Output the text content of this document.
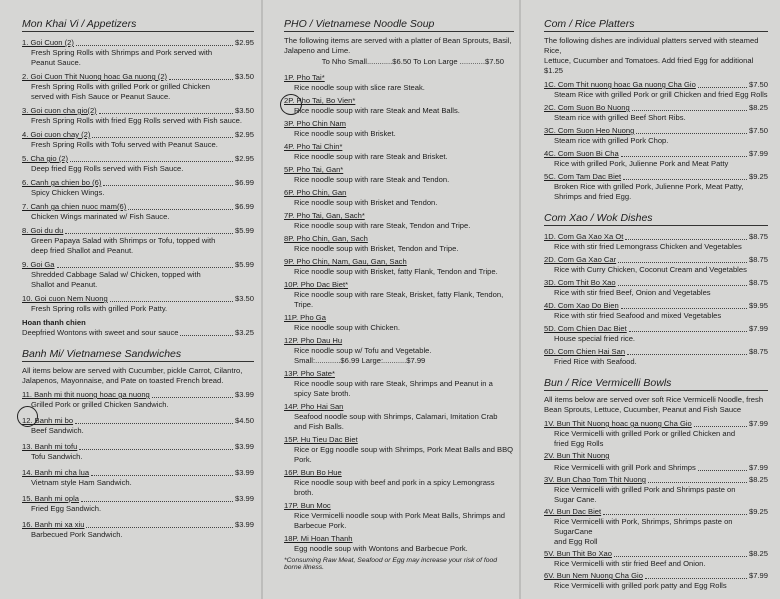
Mon Khai Vi / Appetizers
1. Goi Cuon (2)	$2.95
Fresh Spring Rolls with Shrimps and Pork served with
Peanut Sauce.
2. Goi Cuon Thit Nuong hoac Ga nuong (2)	$3.50
Fresh Spring Rolls with grilled Pork or grilled Chicken
served with Fish Sauce or Peanut Sauce.
3. Goi cuon cha gio(2)	$3.50
Fresh Spring Rolls with fried Egg Rolls served with Fish sauce.
4. Goi cuon chay (2)	$2.95
Fresh Spring Rolls with Tofu served with Peanut Sauce.
5. Cha gio (2)	$2.95
Deep fried Egg Rolls served with Fish Sauce.
6. Canh ga chien bo (6)	$6.99
Spicy Chicken Wings.
7. Canh ga chien nuoc mam(6)	$6.99
Chicken Wings marinated w/ Fish Sauce.
8. Goi du du	$5.99
Green Papaya Salad with Shrimps or Tofu, topped with
deep fried Shallot and Peanut.
9. Goi Ga	$5.99
Shredded Cabbage Salad w/ Chicken, topped with
Shallot and Peanut.
10. Goi cuon Nem Nuong	$3.50
Fresh Spring rolls with grilled Pork Patty.
Hoan thanh chien
Deepfried Wontons with sweet and sour sauce	$3.25
Banh Mi/ Vietnamese Sandwiches
All items below are served with Cucumber, pickle Carrot, Cilantro,
Jalapenos, Mayonnaise, and Pate on toasted French bread.
11. Banh mi thit nuong hoac ga nuong	$3.99
Grilled Pork or grilled Chicken Sandwich.
12. Banh mi bo	$4.50
Beef Sandwich.
13. Banh mi tofu	$3.99
Tofu Sandwich.
14. Banh mi cha lua	$3.99
Vietnam style Ham Sandwich.
15. Banh mi opla	$3.99
Fried Egg Sandwich.
16. Banh mi xa xiu	$3.99
Barbecued Pork Sandwich.
PHO / Vietnamese Noodle Soup
The following items are served with a platter of Bean Sprouts, Basil,
Jalapeno and Lime.
To Nho Small............$6.50 To Lon Large ............$7.50
1P. Pho Tai*
Rice noodle soup with slice rare Steak.
2P. Pho Tai, Bo Vien*
Rice noodle soup with rare Steak and Meat Balls.
3P. Pho Chin Nam
Rice noodle soup with Brisket.
4P. Pho Tai Chin*
Rice noodle soup with rare Steak and Brisket.
5P. Pho Tai, Gan*
Rice noodle soup with rare Steak and Tendon.
6P. Pho Chin, Gan
Rice noodle soup with Brisket and Tendon.
7P. Pho Tai, Gan, Sach*
Rice noodle soup with rare Steak, Tendon and Tripe.
8P. Pho Chin, Gan, Sach
Rice noodle soup with Brisket, Tendon and Tripe.
9P. Pho Chin, Nam, Gau, Gan, Sach
Rice noodle soup with Brisket, fatty Flank, Tendon and Tripe.
10P. Pho Dac Biet*
Rice noodle soup with rare Steak, Brisket, fatty Flank, Tendon, Tripe.
11P. Pho Ga
Rice noodle soup with Chicken.
12P. Pho Dau Hu
Rice noodle soup w/ Tofu and Vegetable.
Small:............$6.99 Large:...........$7.99
13P. Pho Sate*
Rice noodle soup with rare Steak, Shrimps and Peanut in a
spicy Sate broth.
14P. Pho Hai San
Seafood noodle soup with Shrimps, Calamari, Imitation Crab
and Fish Balls.
15P. Hu Tieu Dac Biet
Rice or Egg noodle soup with Shrimps, Pork Meat Balls and BBQ Pork.
16P. Bun Bo Hue
Rice noodle soup with beef and pork in a spicy Lemongrass broth.
17P. Bun Moc
Rice Vermicelli noodle soup with Pork Meat Balls, Shrimps and
Barbecue Pork.
18P. Mi Hoan Thanh
Egg noodle soup with Wontons and Barbecue Pork.
*Consuming Raw Meat, Seafood or Egg may increase your risk of food borne illness.
Com / Rice Platters
The following dishes are individual platters served with steamed Rice,
Lettuce, Cucumber and Tomatoes. Add fried Egg for additional $1.25
1C. Com Thit nuong hoac Ga nuong Cha Gio	$7.50
Steam Rice with grilled Pork or grill Chicken and fried Egg Rolls
2C. Com Suon Bo Nuong	$8.25
Steam rice with grilled Beef Short Ribs.
3C. Com Suon Heo Nuong	$7.50
Steam rice with grilled Pork Chop.
4C. Com Suon Bi Cha	$7.99
Rice with grilled Pork, Julienne Pork and Meat Patty
5C. Com Tam Dac Biet	$9.25
Broken Rice with grilled Pork, Julienne Pork, Meat Patty,
Shrimps and fried Egg.
Com Xao / Wok Dishes
1D. Com Ga Xao Xa Ot	$8.75
Rice with stir fried Lemongrass Chicken and Vegetables
2D. Com Ga Xao Car	$8.75
Rice with Curry Chicken, Coconut Cream and Vegetables
3D. Com Thit Bo Xao	$8.75
Rice with stir fried Beef, Onion and Vegetables
4D. Com Xao Do Bien	$9.95
Rice with stir fried Seafood and mixed Vegetables
5D. Com Chien Dac Biet	$7.99
House special fried rice.
6D. Com Chien Hai San	$8.75
Fried Rice with Seafood.
Bun / Rice Vermicelli Bowls
All items below are served over soft Rice Vermicelli Noodle, fresh
Bean Sprouts, Lettuce, Cucumber, Peanut and Fish Sauce
1V. Bun Thit Nuong hoac ga nuong Cha Gio	$7.99
Rice Vermicelli with grilled Pork or grilled Chicken and
fried Egg Rolls
2V. Bun Thit Nuong
Rice Vermicelli with grill Pork and Shrimps	$7.99
3V. Bun Chao Tom Thit Nuong	$8.25
Rice Vermicelli with grilled Pork and Shrimps paste on
Sugar Cane.
4V. Bun Dac Biet	$9.25
Rice Vermicelli with Pork, Shrimps, Shrimps paste on SugarCane
and Egg Roll
5V. Bun Thit Bo Xao	$8.25
Rice Vermicelli with stir fried Beef and Onion.
6V. Bun Nem Nuong Cha Gio	$7.99
Rice Vermicelli with grilled pork patty and Egg Rolls
